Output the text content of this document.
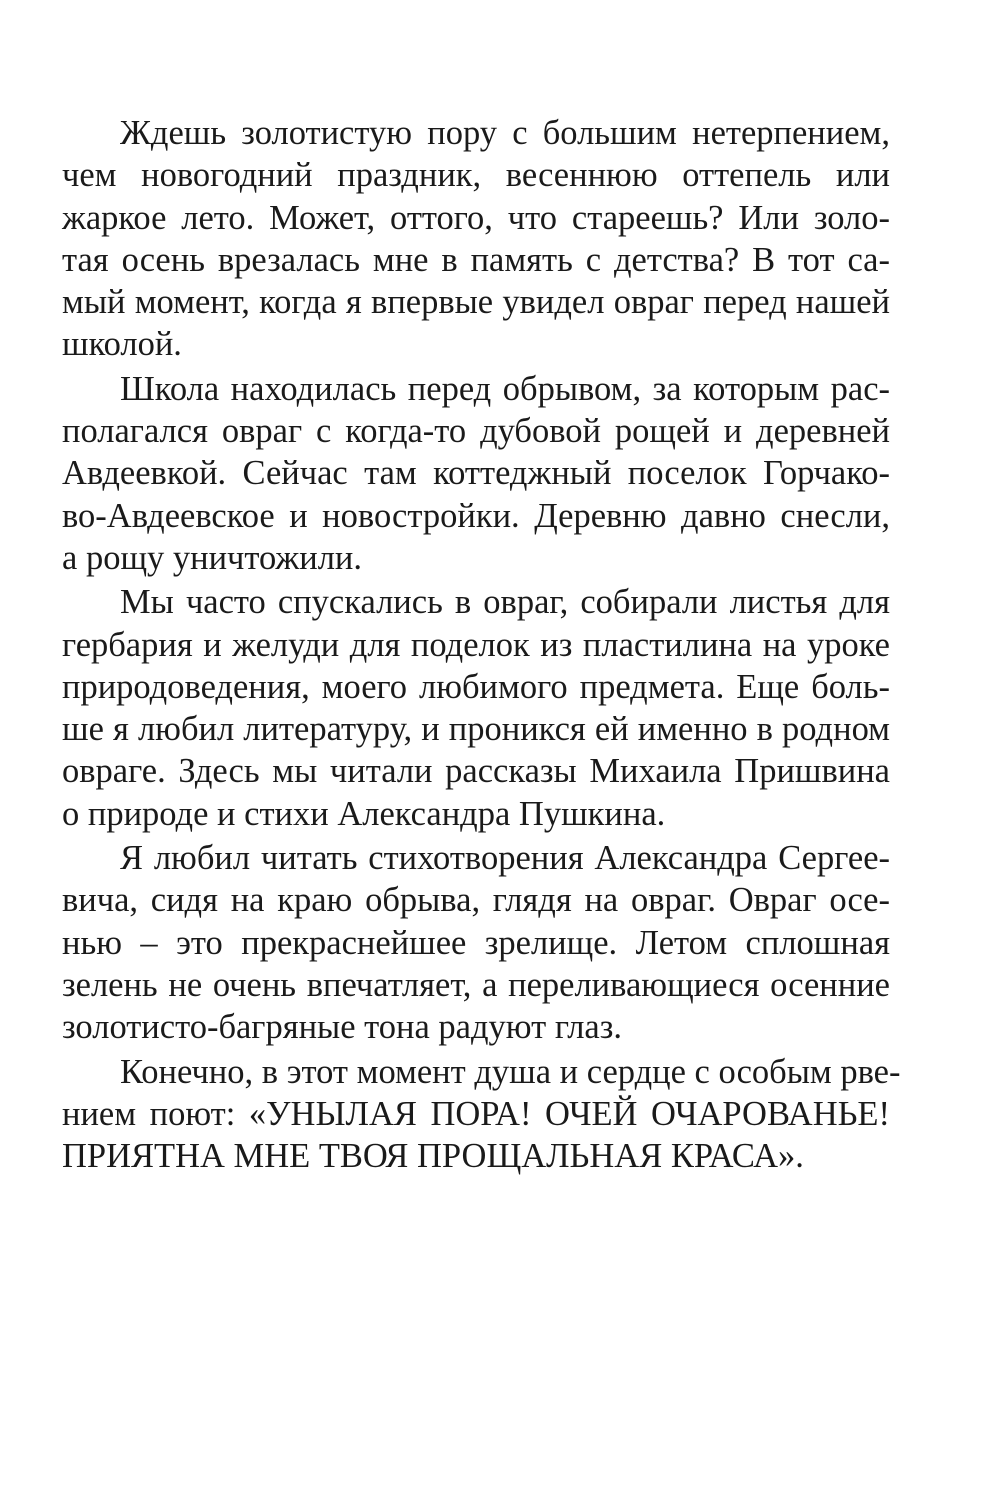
Ждешь золотистую пору с большим нетерпением,
чем новогодний праздник, весеннюю оттепель или
жаркое лето. Может, оттого, что стареешь? Или золо-
тая осень врезалась мне в память с детства? В тот са-
мый момент, когда я впервые увидел овраг перед нашей
школой.
Школа находилась перед обрывом, за которым рас-
полагался овраг с когда-то дубовой рощей и деревней
Авдеевкой. Сейчас там коттеджный поселок Горчако-
во-Авдеевское и новостройки. Деревню давно снесли,
а рощу уничтожили.
Мы часто спускались в овраг, собирали листья для
гербария и желуди для поделок из пластилина на уроке
природоведения, моего любимого предмета. Еще боль-
ше я любил литературу, и проникся ей именно в родном
овраге. Здесь мы читали рассказы Михаила Пришвина
о природе и стихи Александра Пушкина.
Я любил читать стихотворения Александра Сергее-
вича, сидя на краю обрыва, глядя на овраг. Овраг осе-
нью – это прекраснейшее зрелище. Летом сплошная
зелень не очень впечатляет, а переливающиеся осенние
золотисто-багряные тона радуют глаз.
Конечно, в этот момент душа и сердце с особым рве-
нием поют: «УНЫЛАЯ ПОРА! ОЧЕЙ ОЧАРОВАНЬЕ!
ПРИЯТНА МНЕ ТВОЯ ПРОЩАЛЬНАЯ КРАСА».
